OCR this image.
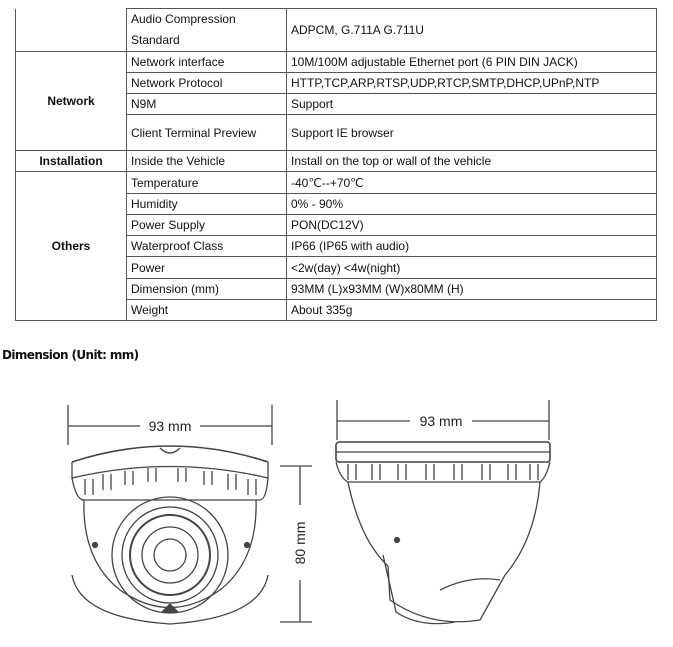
	Audio Compression Standard	ADPCM, G.711A G.711U
Network	Network interface	10M/100M adjustable Ethernet port (6 PIN DIN JACK)
	Network Protocol	HTTP,TCP,ARP,RTSP,UDP,RTCP,SMTP,DHCP,UPnP,NTP
	N9M	Support
	Client Terminal Preview	Support IE browser
Installation	Inside the Vehicle	Install on the top or wall of the vehicle
Others	Temperature	-40℃--+70℃
	Humidity	0% - 90%
	Power Supply	PON(DC12V)
	Waterproof Class	IP66 (IP65 with audio)
	Power	<2w(day) <4w(night)
	Dimension (mm)	93MM (L)x93MM (W)x80MM (H)
	Weight	About 335g
Dimension (Unit: mm)
93 mm
80 mm
93 mm
